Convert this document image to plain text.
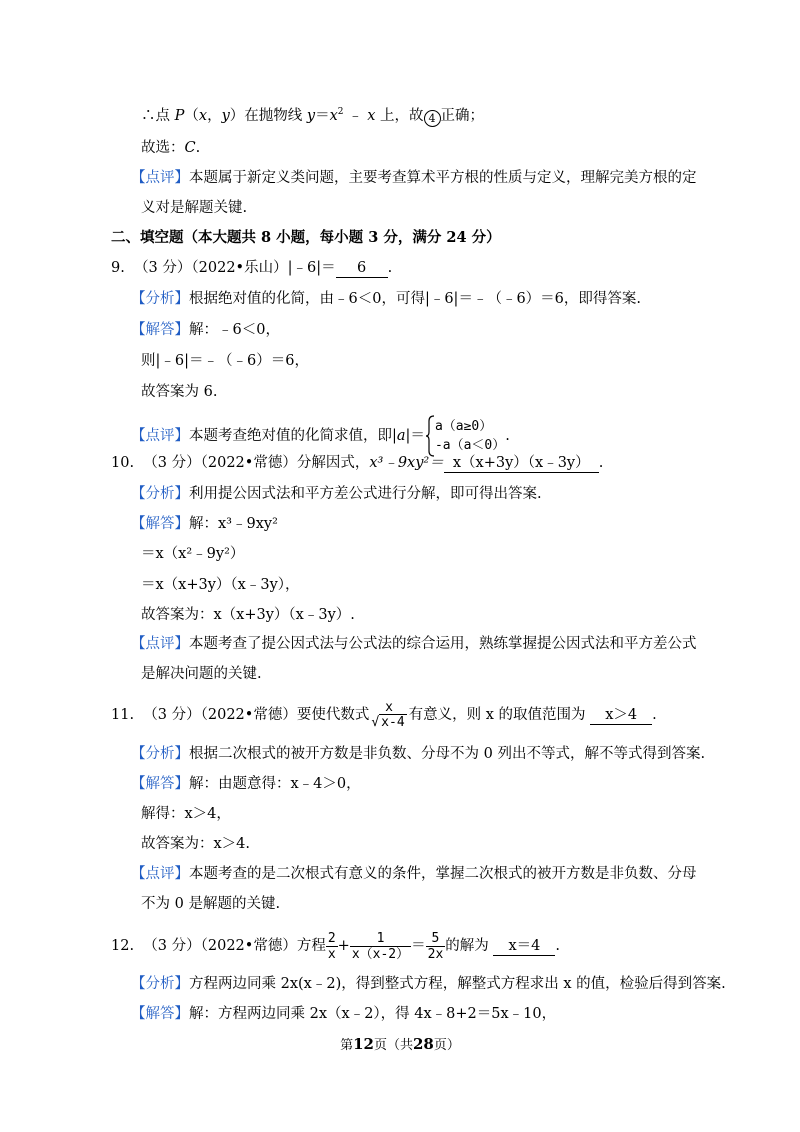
∴点 P（x，y）在抛物线 $y=x^2$ ﹣ x 上，故 4 正确；
故选：C.
【点评】本题属于新定义类问题，主要考查算术平方根的性质与定义，理解完美方根的定
义对是解题关键.
二、填空题（本大题共 8 小题，每小题 3 分，满分 24 分）
9. （3 分）（2022•乐山）|﹣6|＝ 6 .
【分析】根据绝对值的化简，由﹣6＜0，可得|﹣6|＝﹣（﹣6）＝6，即得答案.
【解答】解：﹣6＜0，
则|﹣6|＝﹣（﹣6）＝6，
故答案为 6.
【点评】本题考查绝对值的化简求值，即|a|＝
a（a≥0）
-a（a＜0）
.
10. （3 分）（2022•常德）分解因式，x³﹣9xy²＝ x（x+3y）（x﹣3y） .
【分析】利用提公因式法和平方差公式进行分解，即可得出答案.
【解答】解：x³﹣9xy²
＝x（x²﹣9y²）
＝x（x+3y）（x﹣3y），
故答案为：x（x+3y）（x﹣3y）.
【点评】本题考查了提公因式法与公式法的综合运用，熟练掌握提公因式法和平方差公式
是解决问题的关键.
11. （3 分）（2022•常德）要使代数式	x
√ x-4 有意义，则 x 的取值范围为 x＞4 .
【分析】根据二次根式的被开方数是非负数、分母不为 0 列出不等式，解不等式得到答案.
【解答】解：由题意得：x﹣4＞0，
解得：x＞4，
故答案为：x＞4.
【点评】本题考查的是二次根式有意义的条件，掌握二次根式的被开方数是非负数、分母
不为 0 是解题的关键.
12. （3 分）（2022•常德）方程 $\frac{2}{x} + \frac{1}{x(x-2)} = \frac{5}{2x}$ 的解为 x＝4 .
【分析】方程两边同乘 2x(x﹣2)，得到整式方程，解整式方程求出 x 的值，检验后得到答案.
【解答】解：方程两边同乘 2x（x﹣2），得 4x﹣8+2＝5x﹣10，
第12页（共28页）
